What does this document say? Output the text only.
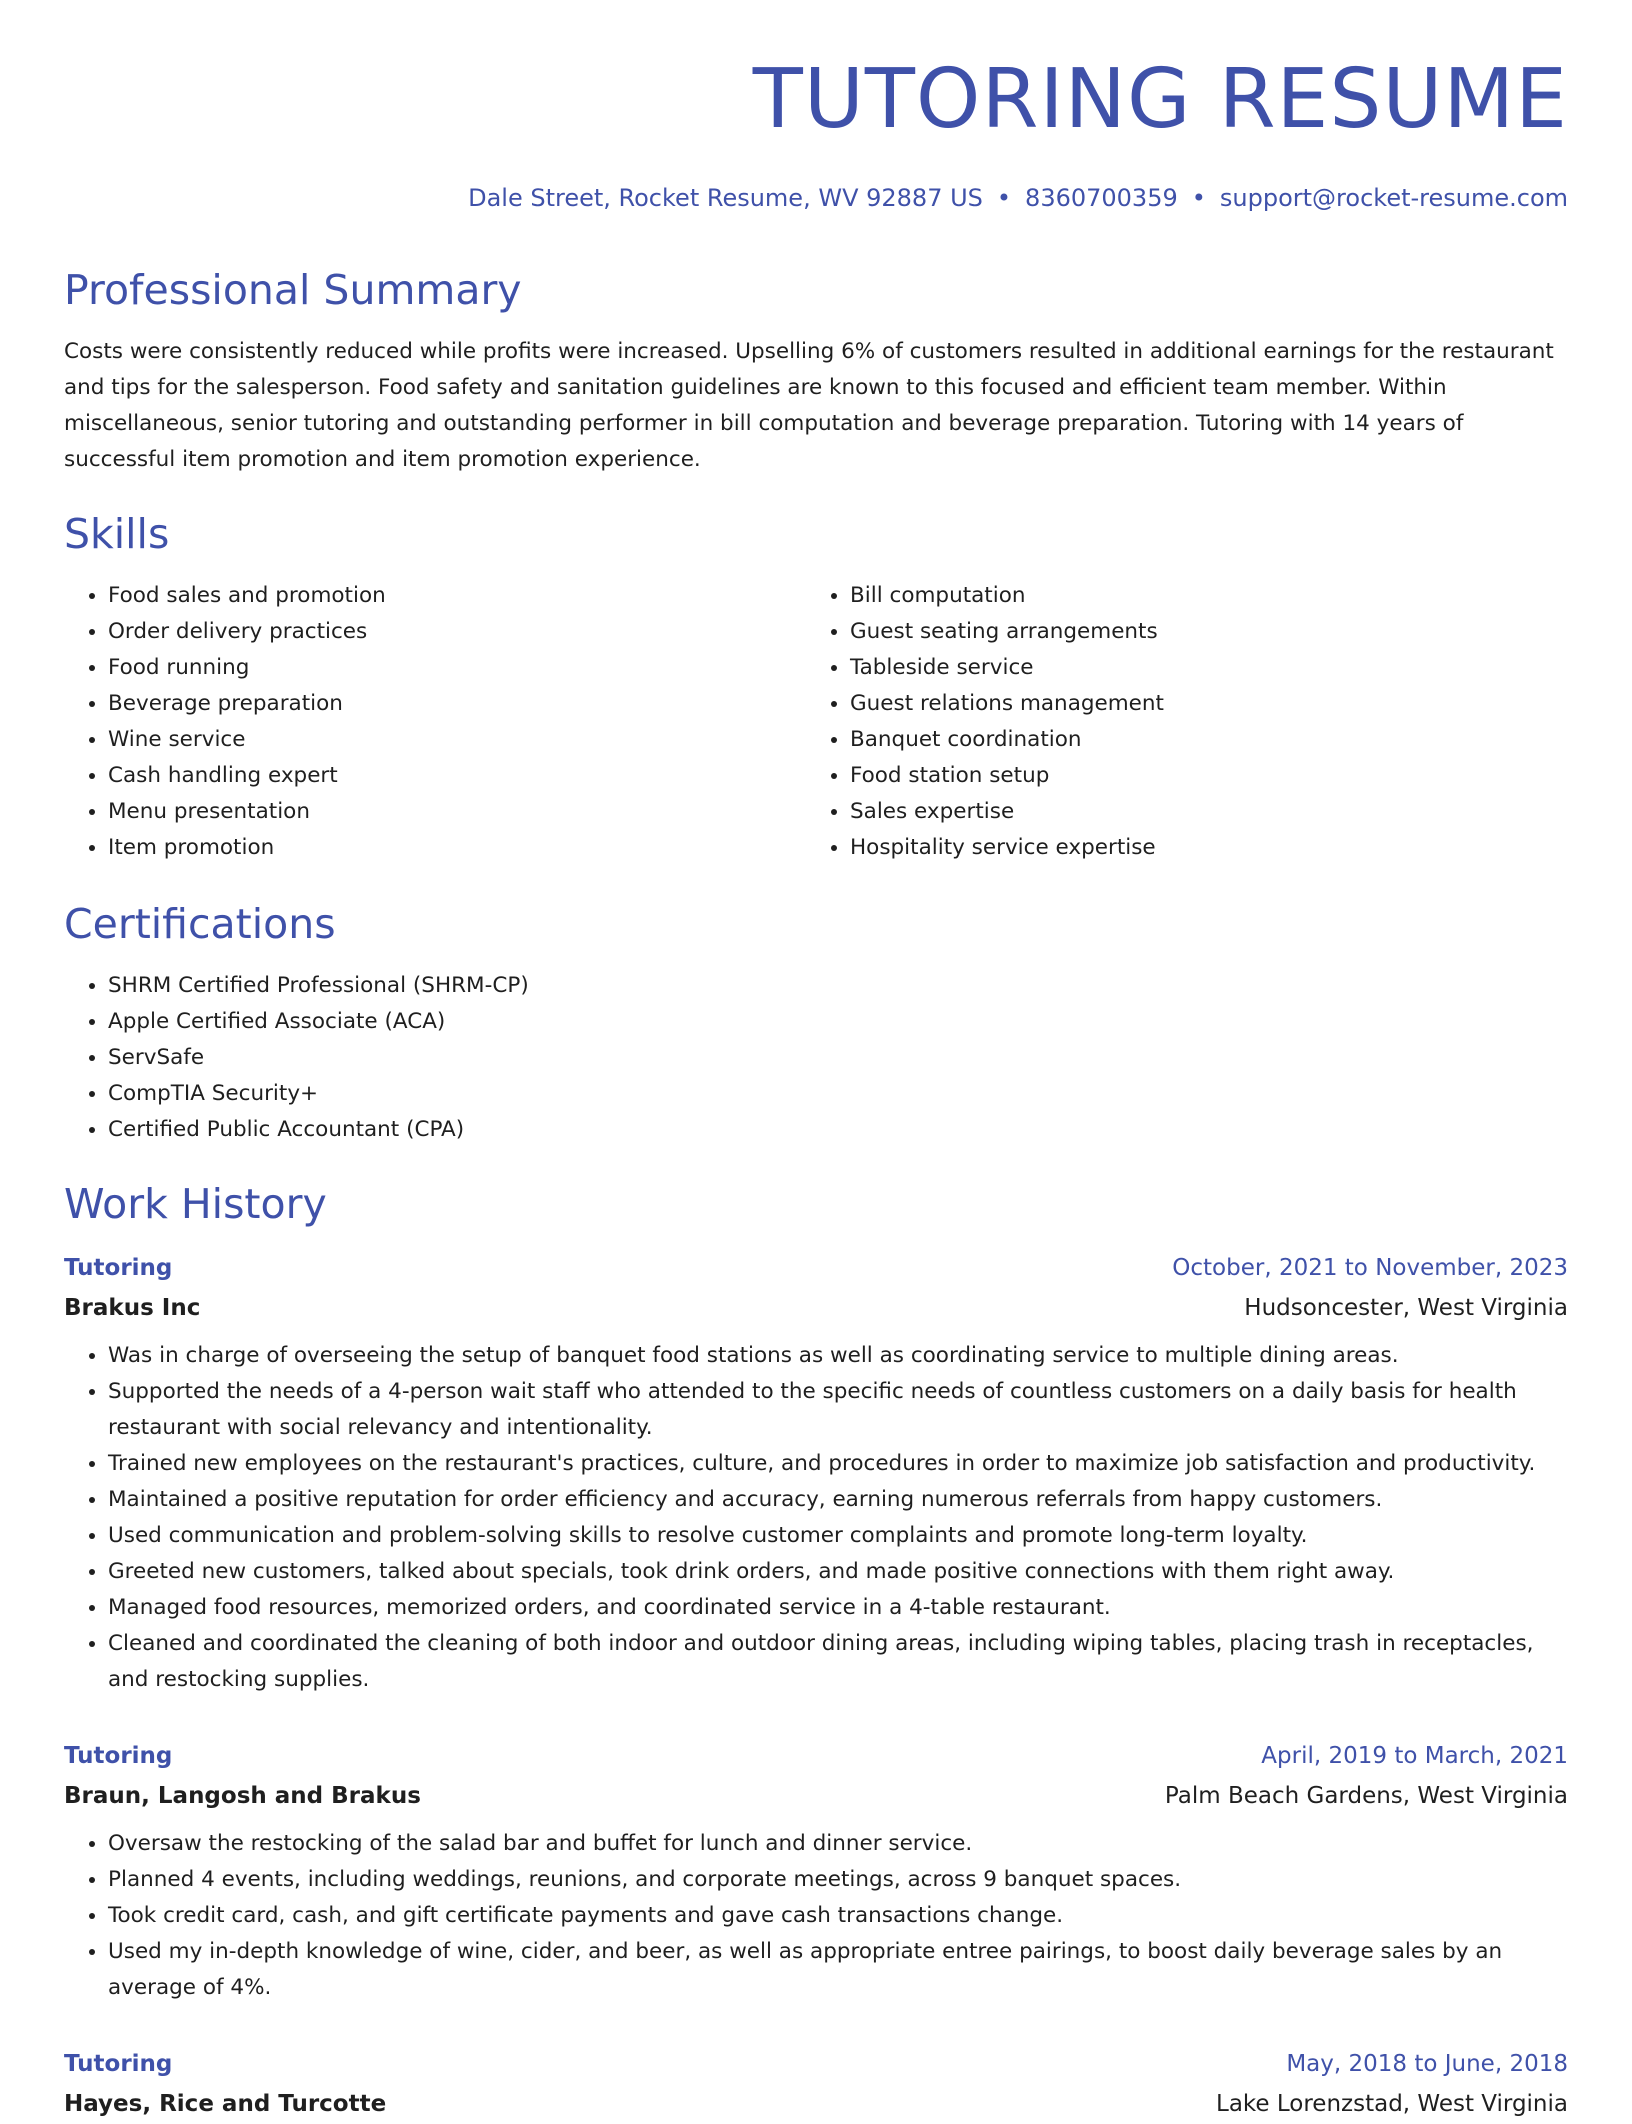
TUTORING RESUME
Dale Street, Rocket Resume, WV 92887 US • 8360700359 • support@rocket-resume.com
Professional Summary

Costs were consistently reduced while profits were increased. Upselling 6% of customers resulted in additional earnings for the restaurant and tips for the salesperson. Food safety and sanitation guidelines are known to this focused and efficient team member. Within miscellaneous, senior tutoring and outstanding performer in bill computation and beverage preparation. Tutoring with 14 years of successful item promotion and item promotion experience.

Skills
• Food sales and promotion
• Order delivery practices
• Food running
• Beverage preparation
• Wine service
• Cash handling expert
• Menu presentation
• Item promotion
• Bill computation
• Guest seating arrangements
• Tableside service
• Guest relations management
• Banquet coordination
• Food station setup
• Sales expertise
• Hospitality service expertise
Certifications
• SHRM Certified Professional (SHRM-CP)
• Apple Certified Associate (ACA)
• ServSafe
• CompTIA Security+
• Certified Public Accountant (CPA)
Work History
Tutoring	October, 2021 to November, 2023
Brakus Inc	Hudsoncester, West Virginia
• Was in charge of overseeing the setup of banquet food stations as well as coordinating service to multiple dining areas.
• Supported the needs of a 4-person wait staff who attended to the specific needs of countless customers on a daily basis for health restaurant with social relevancy and intentionality.
• Trained new employees on the restaurant's practices, culture, and procedures in order to maximize job satisfaction and productivity.
• Maintained a positive reputation for order efficiency and accuracy, earning numerous referrals from happy customers.
• Used communication and problem-solving skills to resolve customer complaints and promote long-term loyalty.
• Greeted new customers, talked about specials, took drink orders, and made positive connections with them right away.
• Managed food resources, memorized orders, and coordinated service in a 4-table restaurant.
• Cleaned and coordinated the cleaning of both indoor and outdoor dining areas, including wiping tables, placing trash in receptacles, and restocking supplies.
Tutoring	April, 2019 to March, 2021
Braun, Langosh and Brakus	Palm Beach Gardens, West Virginia
• Oversaw the restocking of the salad bar and buffet for lunch and dinner service.
• Planned 4 events, including weddings, reunions, and corporate meetings, across 9 banquet spaces.
• Took credit card, cash, and gift certificate payments and gave cash transactions change.
• Used my in-depth knowledge of wine, cider, and beer, as well as appropriate entree pairings, to boost daily beverage sales by an average of 4%.
Tutoring	May, 2018 to June, 2018
Hayes, Rice and Turcotte	Lake Lorenzstad, West Virginia
